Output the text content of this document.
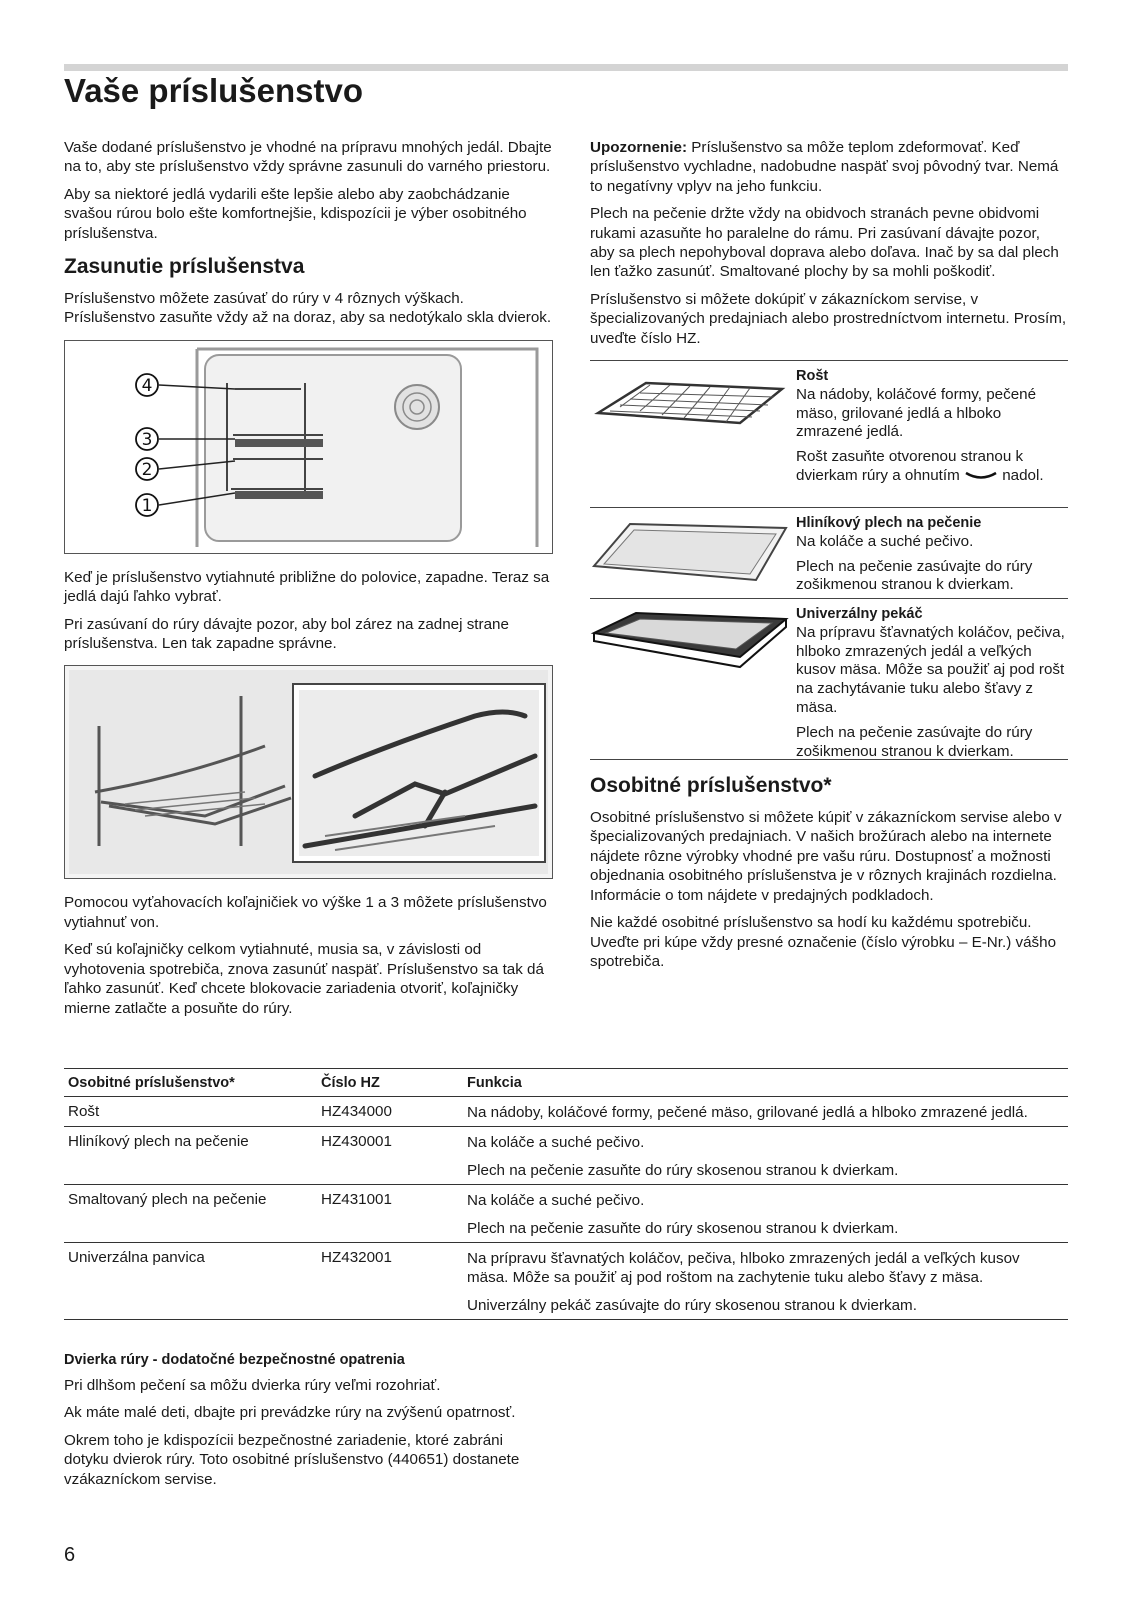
Vaše príslušenstvo

Vaše dodané príslušenstvo je vhodné na prípravu mnohých jedál. Dbajte na to, aby ste príslušenstvo vždy správne zasunuli do varného priestoru.

Aby sa niektoré jedlá vydarili ešte lepšie alebo aby zaobchádzanie svašou rúrou bolo ešte komfortnejšie, kdispozícii je výber osobitného príslušenstva.

Zasunutie príslušenstva

Príslušenstvo môžete zasúvať do rúry v 4 rôznych výškach. Príslušenstvo zasuňte vždy až na doraz, aby sa nedotýkalo skla dvierok.

4
3
2
1

Keď je príslušenstvo vytiahnuté približne do polovice, zapadne. Teraz sa jedlá dajú ľahko vybrať.

Pri zasúvaní do rúry dávajte pozor, aby bol zárez na zadnej strane príslušenstva. Len tak zapadne správne.

Pomocou vyťahovacích koľajničiek vo výške 1 a 3 môžete príslušenstvo vytiahnuť von.

Keď sú koľajničky celkom vytiahnuté, musia sa, v závislosti od vyhotovenia spotrebiča, znova zasunúť naspäť. Príslušenstvo sa tak dá ľahko zasunúť. Keď chcete blokovacie zariadenia otvoriť, koľajničky mierne zatlačte a posuňte do rúry.

Upozornenie: Príslušenstvo sa môže teplom zdeformovať. Keď príslušenstvo vychladne, nadobudne naspäť svoj pôvodný tvar. Nemá to negatívny vplyv na jeho funkciu.

Plech na pečenie držte vždy na obidvoch stranách pevne obidvomi rukami azasuňte ho paralelne do rámu. Pri zasúvaní dávajte pozor, aby sa plech nepohyboval doprava alebo doľava. Inač by sa dal plech len ťažko zasunúť. Smaltované plochy by sa mohli poškodiť.

Príslušenstvo si môžete dokúpiť v zákazníckom servise, v špecializovaných predajniach alebo prostredníctvom internetu. Prosím, uveďte číslo HZ.

Rošt

Na nádoby, koláčové formy, pečené mäso, grilované jedlá a hlboko zmrazené jedlá.

Rošt zasuňte otvorenou stranou k dvierkam rúry a ohnutím	nadol.

Hliníkový plech na pečenie

Na koláče a suché pečivo.

Plech na pečenie zasúvajte do rúry zošikmenou stranou k dvierkam.

Univerzálny pekáč

Na prípravu šťavnatých koláčov, pečiva, hlboko zmrazených jedál a veľkých kusov mäsa. Môže sa použiť aj pod rošt na zachytávanie tuku alebo šťavy z mäsa.

Plech na pečenie zasúvajte do rúry zošikmenou stranou k dvierkam.

Osobitné príslušenstvo*

Osobitné príslušenstvo si môžete kúpiť v zákazníckom servise alebo v špecializovaných predajniach. V našich brožúrach alebo na internete nájdete rôzne výrobky vhodné pre vašu rúru. Dostupnosť a možnosti objednania osobitného príslušenstva je v rôznych krajinách rozdielna. Informácie o tom nájdete v predajných podkladoch.

Nie každé osobitné príslušenstvo sa hodí ku každému spotrebiču. Uveďte pri kúpe vždy presné označenie (číslo výrobku – E-Nr.) vášho spotrebiča.

Osobitné príslušenstvo*	Číslo HZ	Funkcia
Rošt	HZ434000	Na nádoby, koláčové formy, pečené mäso, grilované jedlá a hlboko zmrazené jedlá.

Hliníkový plech na pečenie	HZ430001	Na koláče a suché pečivo.

Plech na pečenie zasuňte do rúry skosenou stranou k dvierkam.

Smaltovaný plech na pečenie	HZ431001	Na koláče a suché pečivo.

Plech na pečenie zasuňte do rúry skosenou stranou k dvierkam.

Univerzálna panvica	HZ432001	Na prípravu šťavnatých koláčov, pečiva, hlboko zmrazených jedál a veľkých kusov mäsa. Môže sa použiť aj pod roštom na zachytenie tuku alebo šťavy z mäsa.

Univerzálny pekáč zasúvajte do rúry skosenou stranou k dvierkam.

Dvierka rúry - dodatočné bezpečnostné opatrenia

Pri dlhšom pečení sa môžu dvierka rúry veľmi rozohriať.

Ak máte malé deti, dbajte pri prevádzke rúry na zvýšenú opatrnosť.

Okrem toho je kdispozícii bezpečnostné zariadenie, ktoré zabráni dotyku dvierok rúry. Toto osobitné príslušenstvo (440651) dostanete vzákazníckom servise.

6
